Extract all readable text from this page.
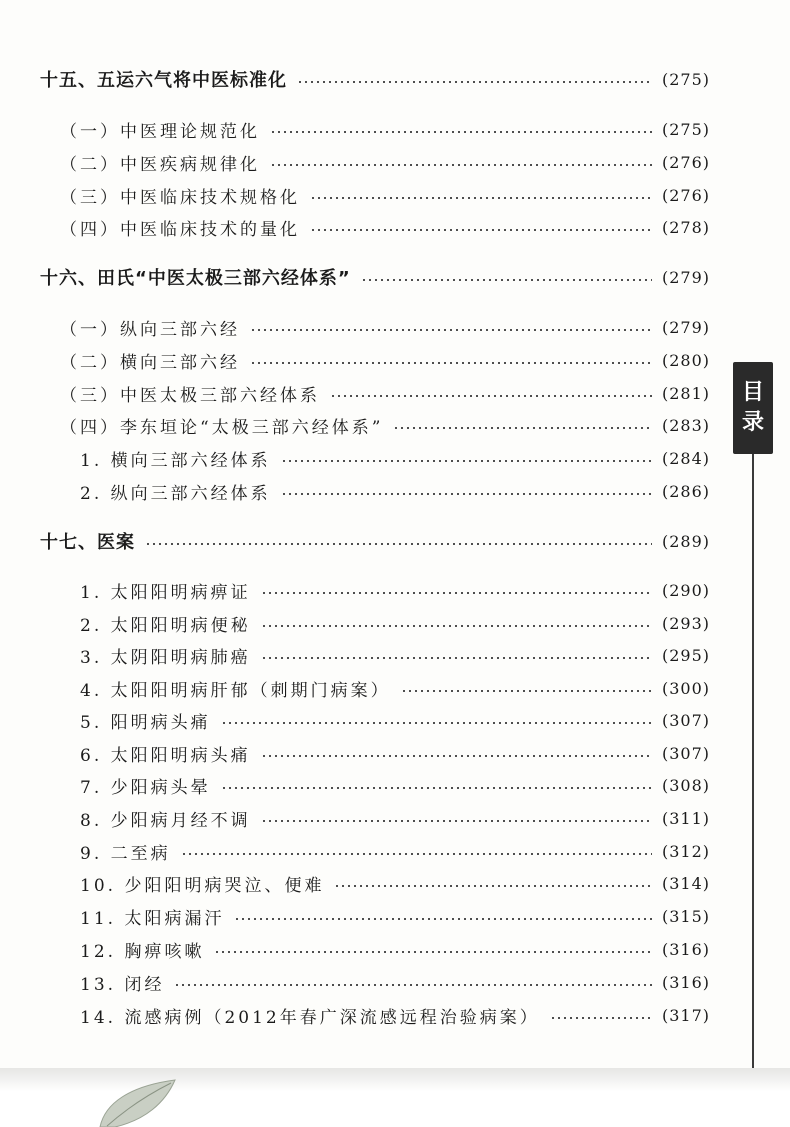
十五、五运六气将中医标准化	(275)
（一）中医理论规范化	(275)
（二）中医疾病规律化	(276)
（三）中医临床技术规格化	(276)
（四）中医临床技术的量化	(278)
十六、田氏“中医太极三部六经体系”	(279)
（一）纵向三部六经	(279)
（二）横向三部六经	(280)
（三）中医太极三部六经体系	(281)
（四）李东垣论“太极三部六经体系”	(283)
1. 横向三部六经体系	(284)
2. 纵向三部六经体系	(286)
十七、医案	(289)
1. 太阳阳明病痹证	(290)
2. 太阳阳明病便秘	(293)
3. 太阴阳明病肺癌	(295)
4. 太阳阳明病肝郁（刺期门病案）	(300)
5. 阳明病头痛	(307)
6. 太阳阳明病头痛	(307)
7. 少阳病头晕	(308)
8. 少阳病月经不调	(311)
9. 二至病	(312)
10. 少阳阳明病哭泣、便难	(314)
11. 太阳病漏汗	(315)
12. 胸痹咳嗽	(316)
13. 闭经	(316)
14. 流感病例（2012年春广深流感远程治验病案）	(317)
目
录
